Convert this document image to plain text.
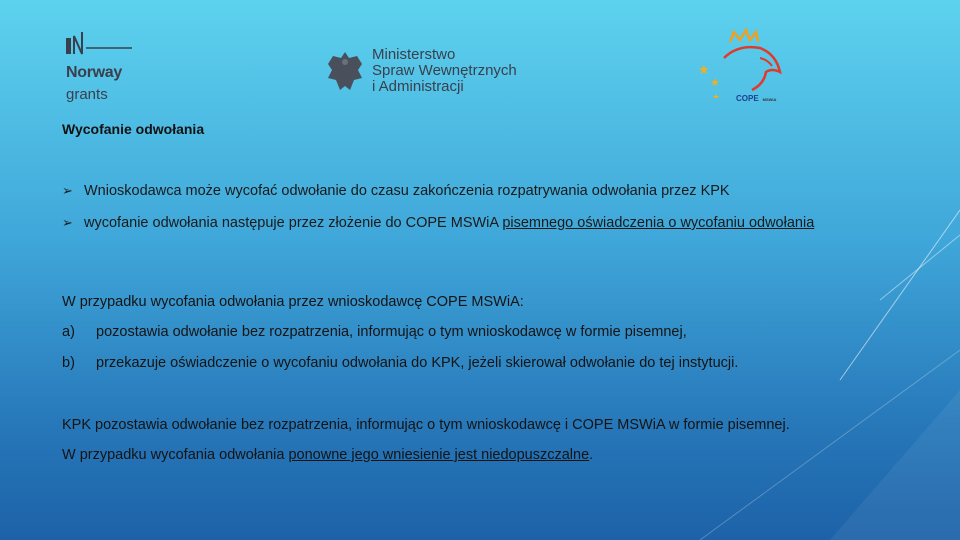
Norway
grants
Ministerstwo
Spraw Wewnętrznych
i Administracji
★
★
★ COPE MSWiA
Wycofanie odwołania
➢ Wnioskodawca może wycofać odwołanie do czasu zakończenia rozpatrywania odwołania przez KPK
➢ wycofanie odwołania następuje przez złożenie do COPE MSWiA pisemnego oświadczenia o wycofaniu odwołania
W przypadku wycofania odwołania przez wnioskodawcę COPE MSWiA:
a) pozostawia odwołanie bez rozpatrzenia, informując o tym wnioskodawcę w formie pisemnej,
b) przekazuje oświadczenie o wycofaniu odwołania do KPK, jeżeli skierował odwołanie do tej instytucji.
KPK pozostawia odwołanie bez rozpatrzenia, informując o tym wnioskodawcę i COPE MSWiA w formie pisemnej.
W przypadku wycofania odwołania ponowne jego wniesienie jest niedopuszczalne.
